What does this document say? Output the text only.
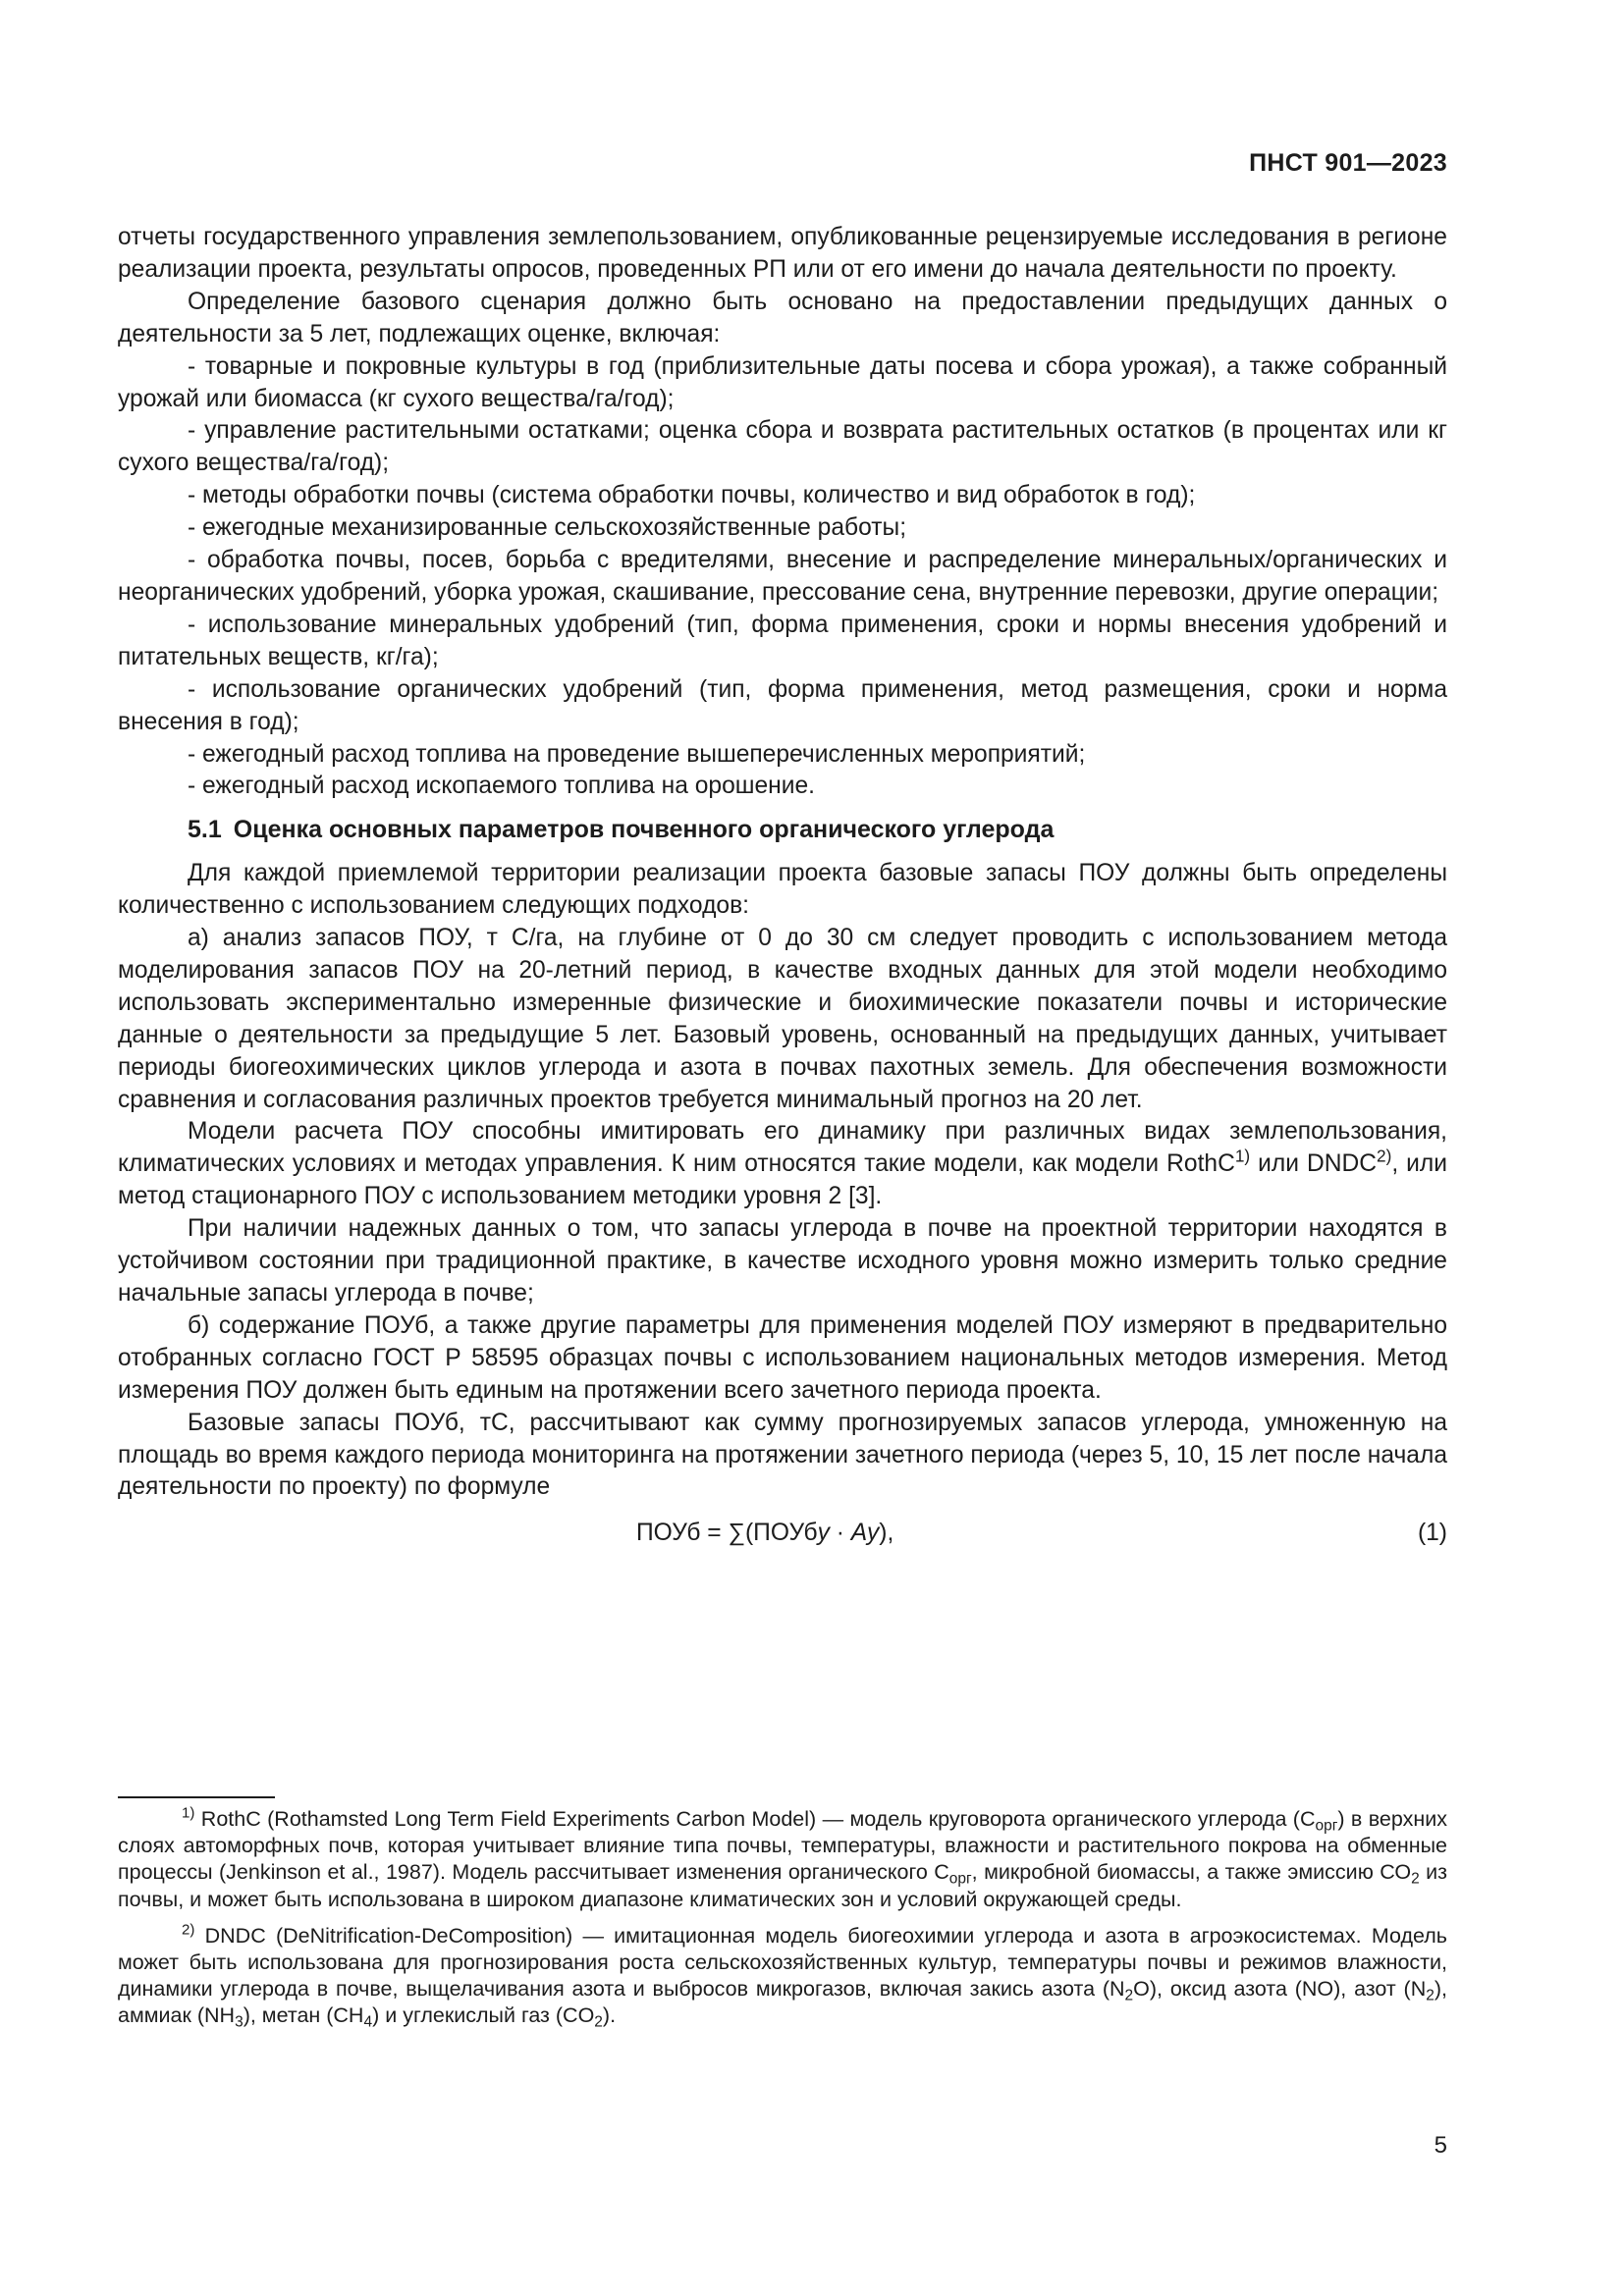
ПНСТ 901—2023

отчеты государственного управления землепользованием, опубликованные рецензируемые исследования в регионе реализации проекта, результаты опросов, проведенных РП или от его имени до начала деятельности по проекту.

Определение базового сценария должно быть основано на предоставлении предыдущих данных о деятельности за 5 лет, подлежащих оценке, включая:

- товарные и покровные культуры в год (приблизительные даты посева и сбора урожая), а также собранный урожай или биомасса (кг сухого вещества/га/год);

- управление растительными остатками; оценка сбора и возврата растительных остатков (в процентах или кг сухого вещества/га/год);

- методы обработки почвы (система обработки почвы, количество и вид обработок в год);

- ежегодные механизированные сельскохозяйственные работы;

- обработка почвы, посев, борьба с вредителями, внесение и распределение минеральных/органических и неорганических удобрений, уборка урожая, скашивание, прессование сена, внутренние перевозки, другие операции;

- использование минеральных удобрений (тип, форма применения, сроки и нормы внесения удобрений и питательных веществ, кг/га);

- использование органических удобрений (тип, форма применения, метод размещения, сроки и норма внесения в год);

- ежегодный расход топлива на проведение вышеперечисленных мероприятий;

- ежегодный расход ископаемого топлива на орошение.

5.1 Оценка основных параметров почвенного органического углерода

Для каждой приемлемой территории реализации проекта базовые запасы ПОУ должны быть определены количественно с использованием следующих подходов:

а) анализ запасов ПОУ, т С/га, на глубине от 0 до 30 см следует проводить с использованием метода моделирования запасов ПОУ на 20-летний период, в качестве входных данных для этой модели необходимо использовать экспериментально измеренные физические и биохимические показатели почвы и исторические данные о деятельности за предыдущие 5 лет. Базовый уровень, основанный на предыдущих данных, учитывает периоды биогеохимических циклов углерода и азота в почвах пахотных земель. Для обеспечения возможности сравнения и согласования различных проектов требуется минимальный прогноз на 20 лет.

Модели расчета ПОУ способны имитировать его динамику при различных видах землепользования, климатических условиях и методах управления. К ним относятся такие модели, как модели RothC$^{1)}$ или DNDC$^{2)}$, или метод стационарного ПОУ с использованием методики уровня 2 [3].

При наличии надежных данных о том, что запасы углерода в почве на проектной территории находятся в устойчивом состоянии при традиционной практике, в качестве исходного уровня можно измерить только средние начальные запасы углерода в почве;

б) содержание ПОУб, а также другие параметры для применения моделей ПОУ измеряют в предварительно отобранных согласно ГОСТ Р 58595 образцах почвы с использованием национальных методов измерения. Метод измерения ПОУ должен быть единым на протяжении всего зачетного периода проекта.

Базовые запасы ПОУб, тС, рассчитывают как сумму прогнозируемых запасов углерода, умноженную на площадь во время каждого периода мониторинга на протяжении зачетного периода (через 5, 10, 15 лет после начала деятельности по проекту) по формуле

ПОУб = ∑(ПОУбy · Ay),	(1)

$^{1)}$ RothC (Rothamsted Long Term Field Experiments Carbon Model) — модель круговорота органического углерода $(С_{орг})$ в верхних слоях автоморфных почв, которая учитывает влияние типа почвы, температуры, влажности и растительного покрова на обменные процессы (Jenkinson et al., 1987). Модель рассчитывает изменения органического $С_{орг}$, микробной биомассы, а также эмиссию $СО_2$ из почвы, и может быть использована в широком диапазоне климатических зон и условий окружающей среды.

$^{2)}$ DNDC (DeNitrification-DeComposition) — имитационная модель биогеохимии углерода и азота в агроэкосистемах. Модель может быть использована для прогнозирования роста сельскохозяйственных культур, температуры почвы и режимов влажности, динамики углерода в почве, выщелачивания азота и выбросов микрогазов, включая закись азота $(N_2O)$, оксид азота (NO), азот $(N_2)$, аммиак $(NH_3)$, метан $(CH_4)$ и углекислый газ $(CO_2)$.

5
